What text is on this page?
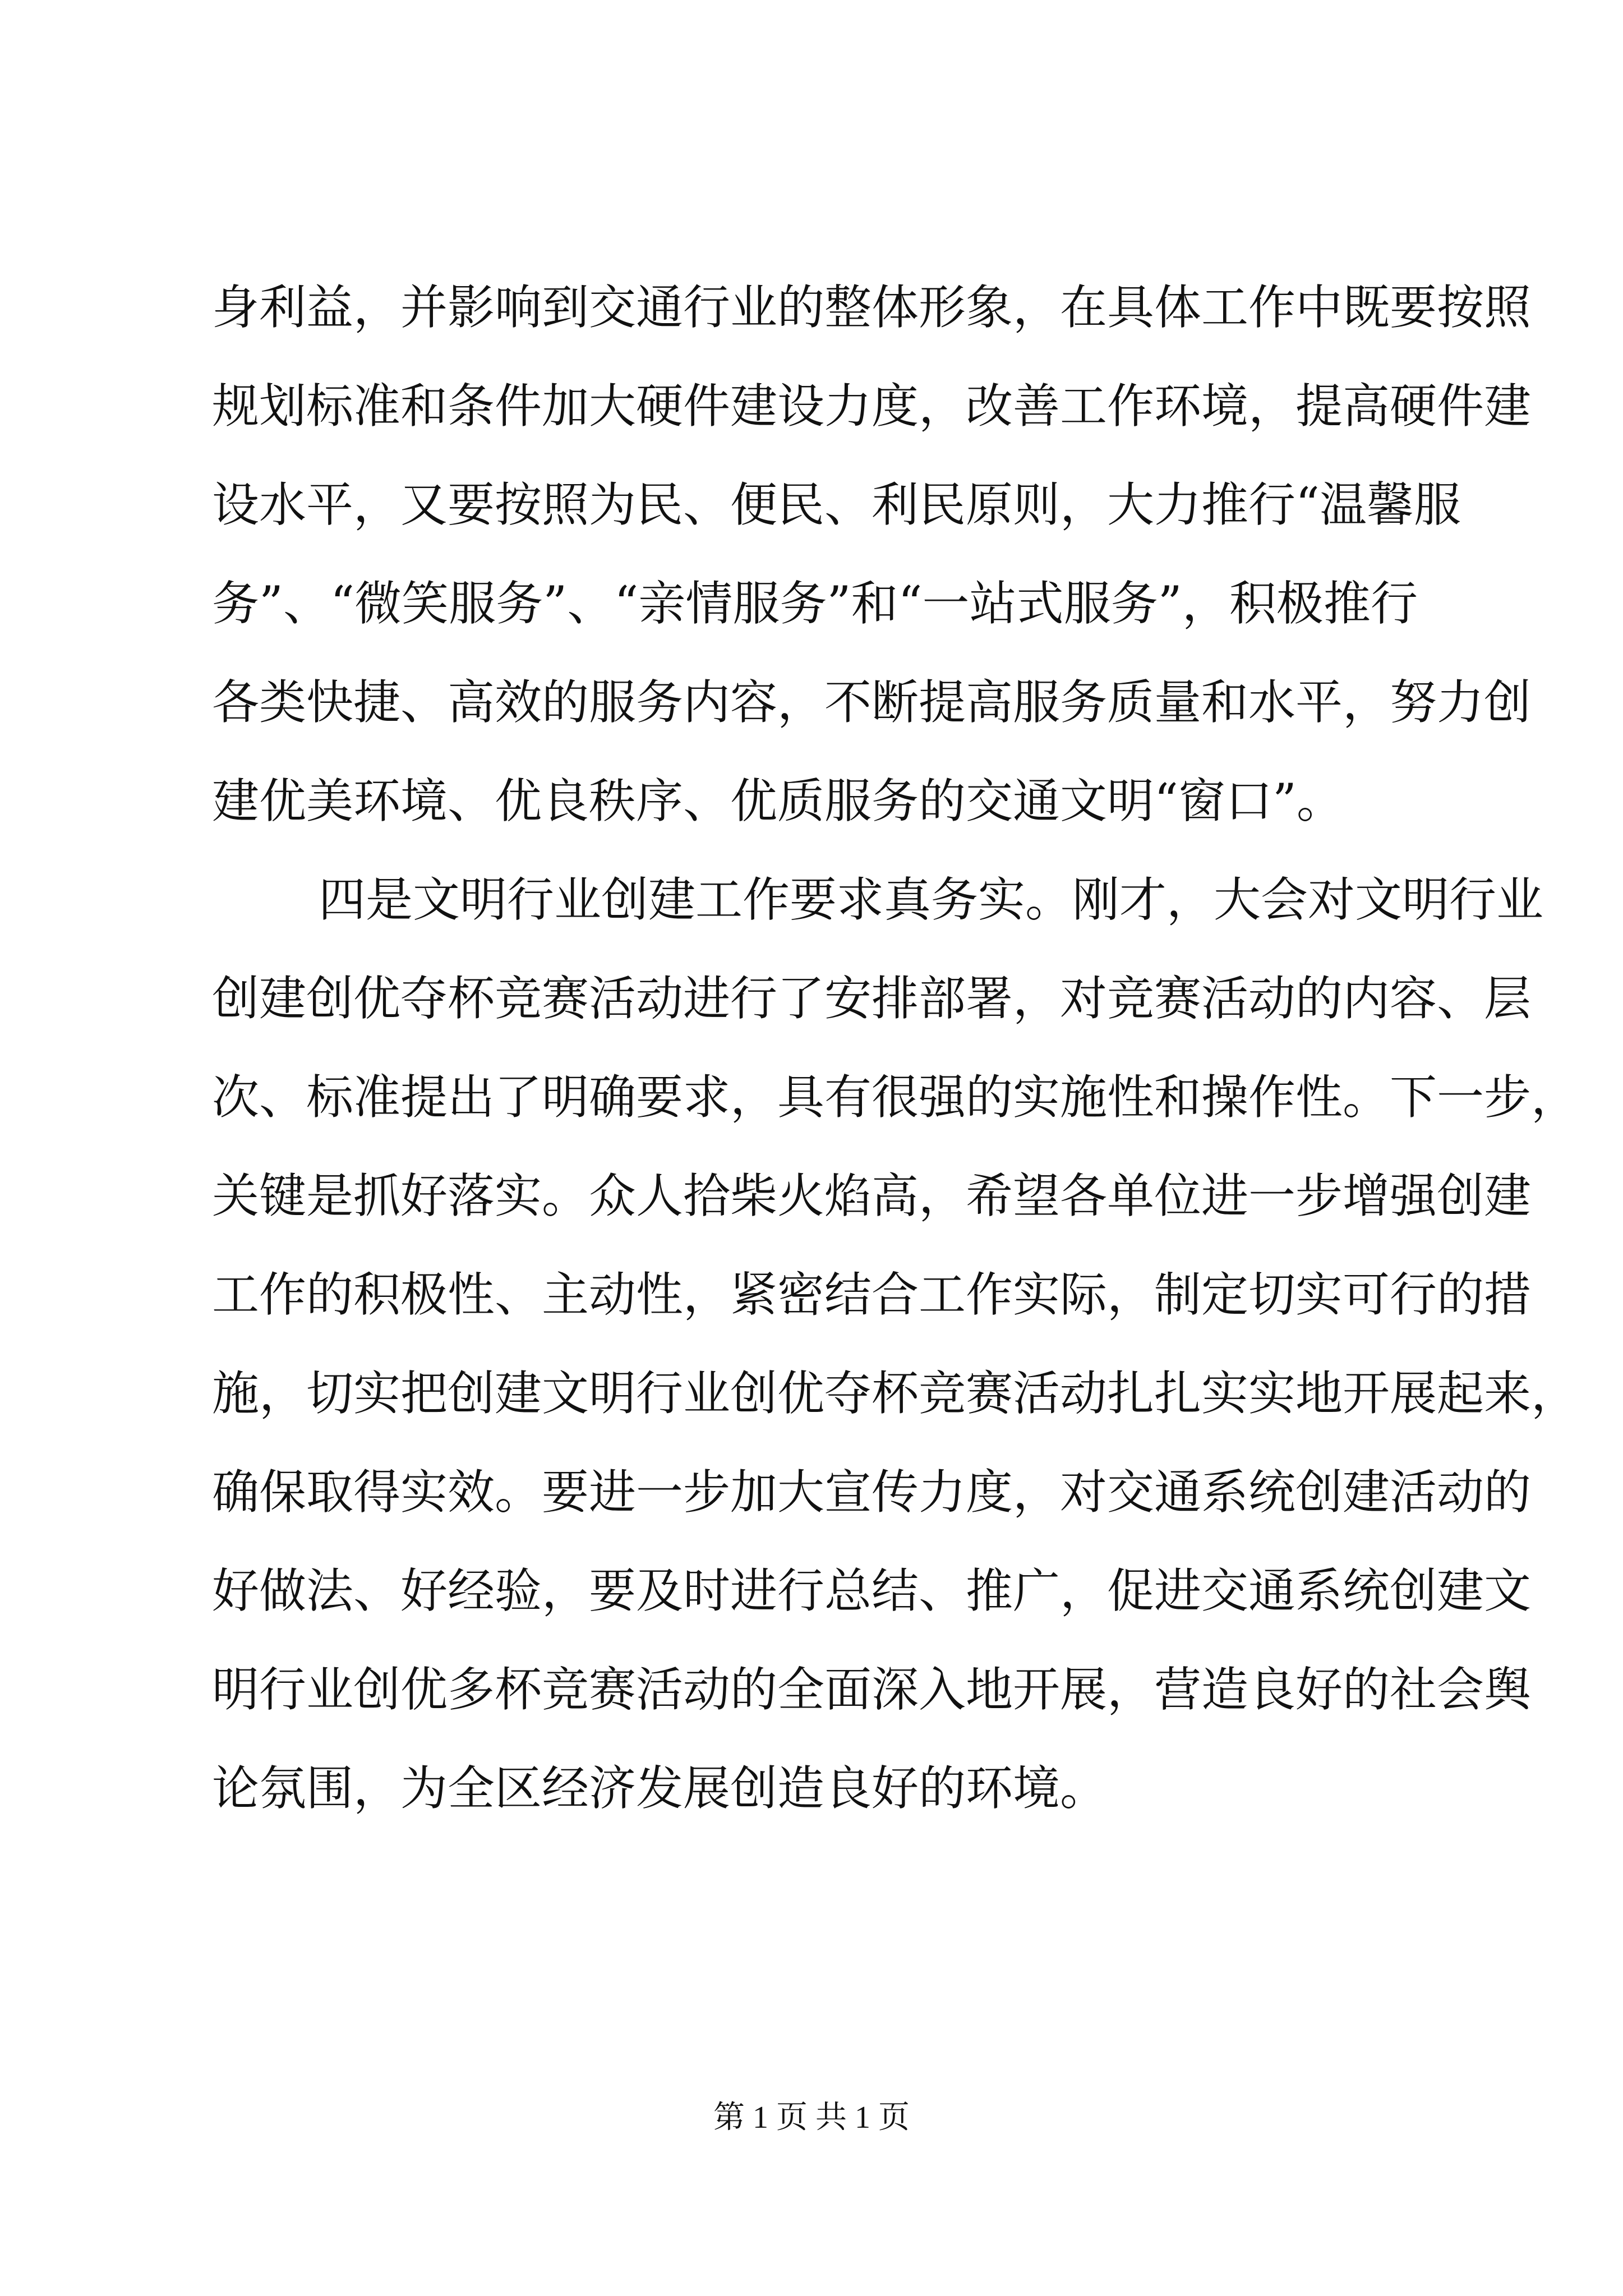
身利益，并影响到交通行业的整体形象，在具体工作中既要按照
规划标准和条件加大硬件建设力度，改善工作环境，提高硬件建
设水平，又要按照为民、便民、利民原则，大力推行“温馨服
务”、“微笑服务”、“亲情服务”和“一站式服务”，积极推行
各类快捷、高效的服务内容，不断提高服务质量和水平，努力创
建优美环境、优良秩序、优质服务的交通文明“窗口”。
四是文明行业创建工作要求真务实。刚才，大会对文明行业
创建创优夺杯竞赛活动进行了安排部署，对竞赛活动的内容、层
次、标准提出了明确要求，具有很强的实施性和操作性。下一步，
关键是抓好落实。众人拾柴火焰高，希望各单位进一步增强创建
工作的积极性、主动性，紧密结合工作实际，制定切实可行的措
施，切实把创建文明行业创优夺杯竞赛活动扎扎实实地开展起来，
确保取得实效。要进一步加大宣传力度，对交通系统创建活动的
好做法、好经验，要及时进行总结、推广，促进交通系统创建文
明行业创优多杯竞赛活动的全面深入地开展，营造良好的社会舆
论氛围，为全区经济发展创造良好的环境。
第 1 页 共 1 页
